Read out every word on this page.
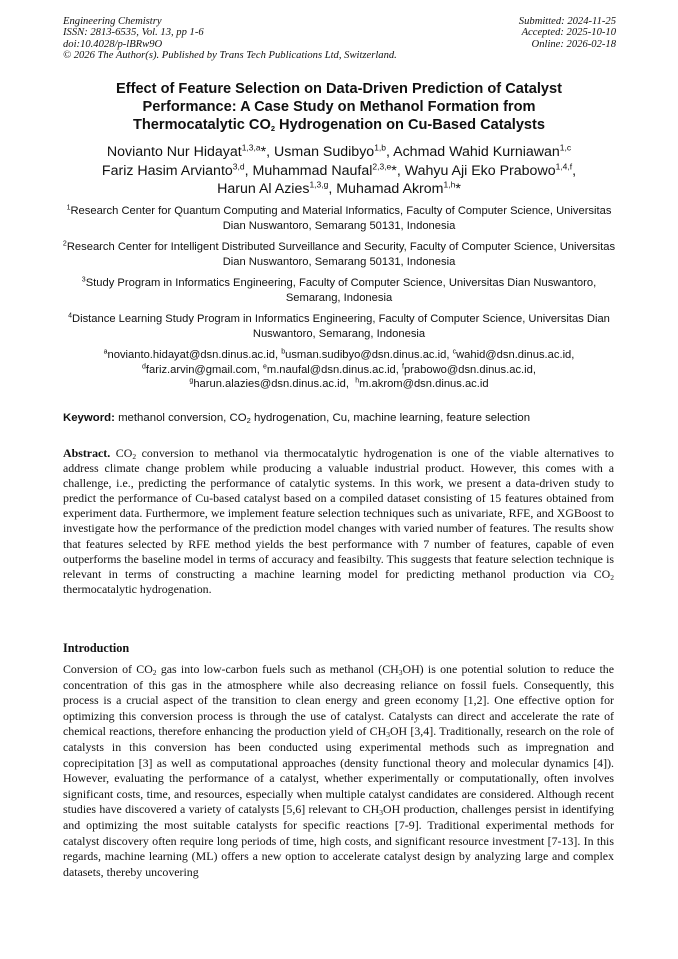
Engineering Chemistry
ISSN: 2813-6535, Vol. 13, pp 1-6
doi:10.4028/p-lBRw9O
© 2026 The Author(s). Published by Trans Tech Publications Ltd, Switzerland.
Submitted: 2024-11-25
Accepted: 2025-10-10
Online: 2026-02-18
Effect of Feature Selection on Data-Driven Prediction of Catalyst
Performance: A Case Study on Methanol Formation from
Thermocatalytic $CO_2$ Hydrogenation on Cu-Based Catalysts
Novianto Nur Hidayat$^{1,3,a}$*, Usman Sudibyo$^{1,b}$, Achmad Wahid Kurniawan$^{1,c}$
Fariz Hasim Arvianto$^{3,d}$, Muhammad Naufal$^{2,3,e}$*, Wahyu Aji Eko Prabowo$^{1,4,f}$,
Harun Al Azies$^{1,3,g}$, Muhamad Akrom$^{1,h}$*
$^1$Research Center for Quantum Computing and Material Informatics, Faculty of Computer Science, Universitas Dian Nuswantoro, Semarang 50131, Indonesia
$^2$Research Center for Intelligent Distributed Surveillance and Security, Faculty of Computer Science, Universitas Dian Nuswantoro, Semarang 50131, Indonesia
$^3$Study Program in Informatics Engineering, Faculty of Computer Science, Universitas Dian Nuswantoro, Semarang, Indonesia
$^4$Distance Learning Study Program in Informatics Engineering, Faculty of Computer Science, Universitas Dian Nuswantoro, Semarang, Indonesia
$^a$novianto.hidayat@dsn.dinus.ac.id, $^b$usman.sudibyo@dsn.dinus.ac.id, $^c$wahid@dsn.dinus.ac.id,
$^d$fariz.arvin@gmail.com, $^e$m.naufal@dsn.dinus.ac.id, $^f$prabowo@dsn.dinus.ac.id,
$^g$harun.alazies@dsn.dinus.ac.id,  $^h$m.akrom@dsn.dinus.ac.id
Keyword: methanol conversion, $CO_2$ hydrogenation, Cu, machine learning, feature selection
Abstract. $CO_2$ conversion to methanol via thermocatalytic hydrogenation is one of the viable alternatives to address climate change problem while producing a valuable industrial product. However, this comes with a challenge, i.e., predicting the performance of catalytic systems. In this work, we present a data-driven study to predict the performance of Cu-based catalyst based on a compiled dataset consisting of 15 features obtained from experiment data. Furthermore, we implement feature selection techniques such as univariate, RFE, and XGBoost to investigate how the performance of the prediction model changes with varied number of features. The results show that features selected by RFE method yields the best performance with 7 number of features, capable of even outperforms the baseline model in terms of accuracy and feasibilty. This suggests that feature selection technique is relevant in terms of constructing a machine learning model for predicting methanol production via $CO_2$ thermocatalytic hydrogenation.
Introduction
Conversion of $CO_2$ gas into low-carbon fuels such as methanol $(CH_3OH)$ is one potential solution to reduce the concentration of this gas in the atmosphere while also decreasing reliance on fossil fuels. Consequently, this process is a crucial aspect of the transition to clean energy and green economy [1,2]. One effective option for optimizing this conversion process is through the use of catalyst. Catalysts can direct and accelerate the rate of chemical reactions, therefore enhancing the production yield of $CH_3OH$ [3,4]. Traditionally, research on the role of catalysts in this conversion has been conducted using experimental methods such as impregnation and coprecipitation [3] as well as computational approaches (density functional theory and molecular dynamics [4]). However, evaluating the performance of a catalyst, whether experimentally or computationally, often involves significant costs, time, and resources, especially when multiple catalyst candidates are considered. Although recent studies have discovered a variety of catalysts [5,6] relevant to $CH_3OH$ production, challenges persist in identifying and optimizing the most suitable catalysts for specific reactions [7-9]. Traditional experimental methods for catalyst discovery often require long periods of time, high costs, and significant resource investment [7-13]. In this regards, machine learning (ML) offers a new option to accelerate catalyst design by analyzing large and complex datasets, thereby uncovering
